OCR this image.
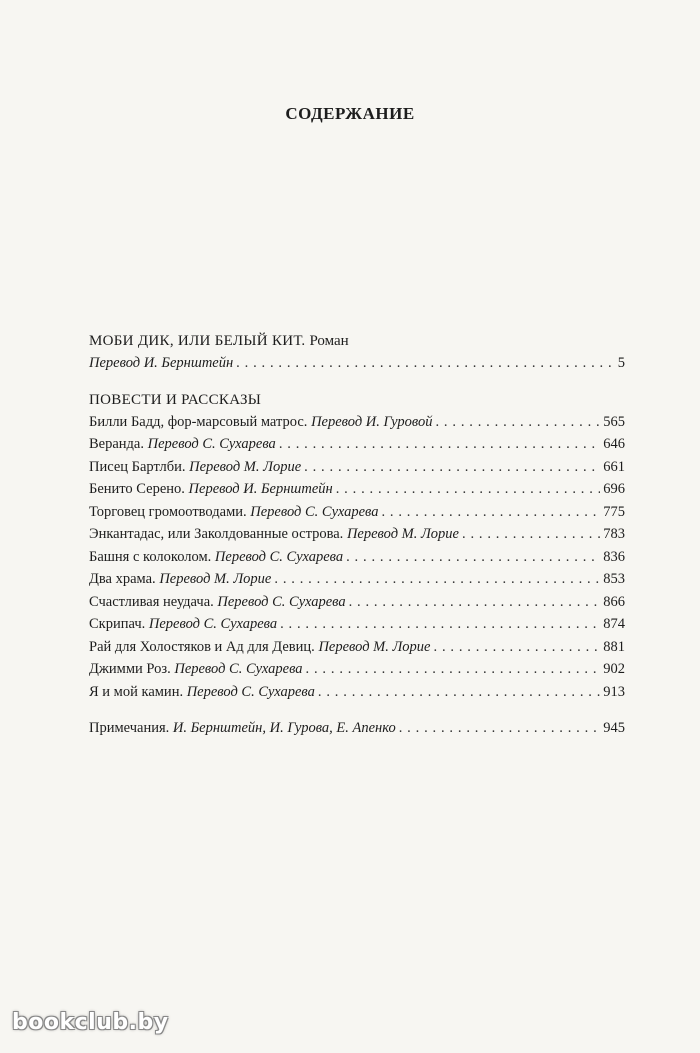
СОДЕРЖАНИЕ
МОБИ ДИК, ИЛИ БЕЛЫЙ КИТ. Роман
Перевод И. Бернштейн . . .	5
ПОВЕСТИ И РАССКАЗЫ
Билли Бадд, фор-марсовый матрос. Перевод И. Гуровой . . .	565
Веранда. Перевод С. Сухарева . . .	646
Писец Бартлби. Перевод М. Лорие . . .	661
Бенито Серено. Перевод И. Бернштейн . . .	696
Торговец громоотводами. Перевод С. Сухарева . . .	775
Энкантадас, или Заколдованные острова. Перевод М. Лорие . . .	783
Башня с колоколом. Перевод С. Сухарева . . .	836
Два храма. Перевод М. Лорие . . .	853
Счастливая неудача. Перевод С. Сухарева . . .	866
Скрипач. Перевод С. Сухарева . . .	874
Рай для Холостяков и Ад для Девиц. Перевод М. Лорие . . .	881
Джимми Роз. Перевод С. Сухарева . . .	902
Я и мой камин. Перевод С. Сухарева . . .	913
Примечания. И. Бернштейн, И. Гурова, Е. Апенко . . .	945
bookclub.by
